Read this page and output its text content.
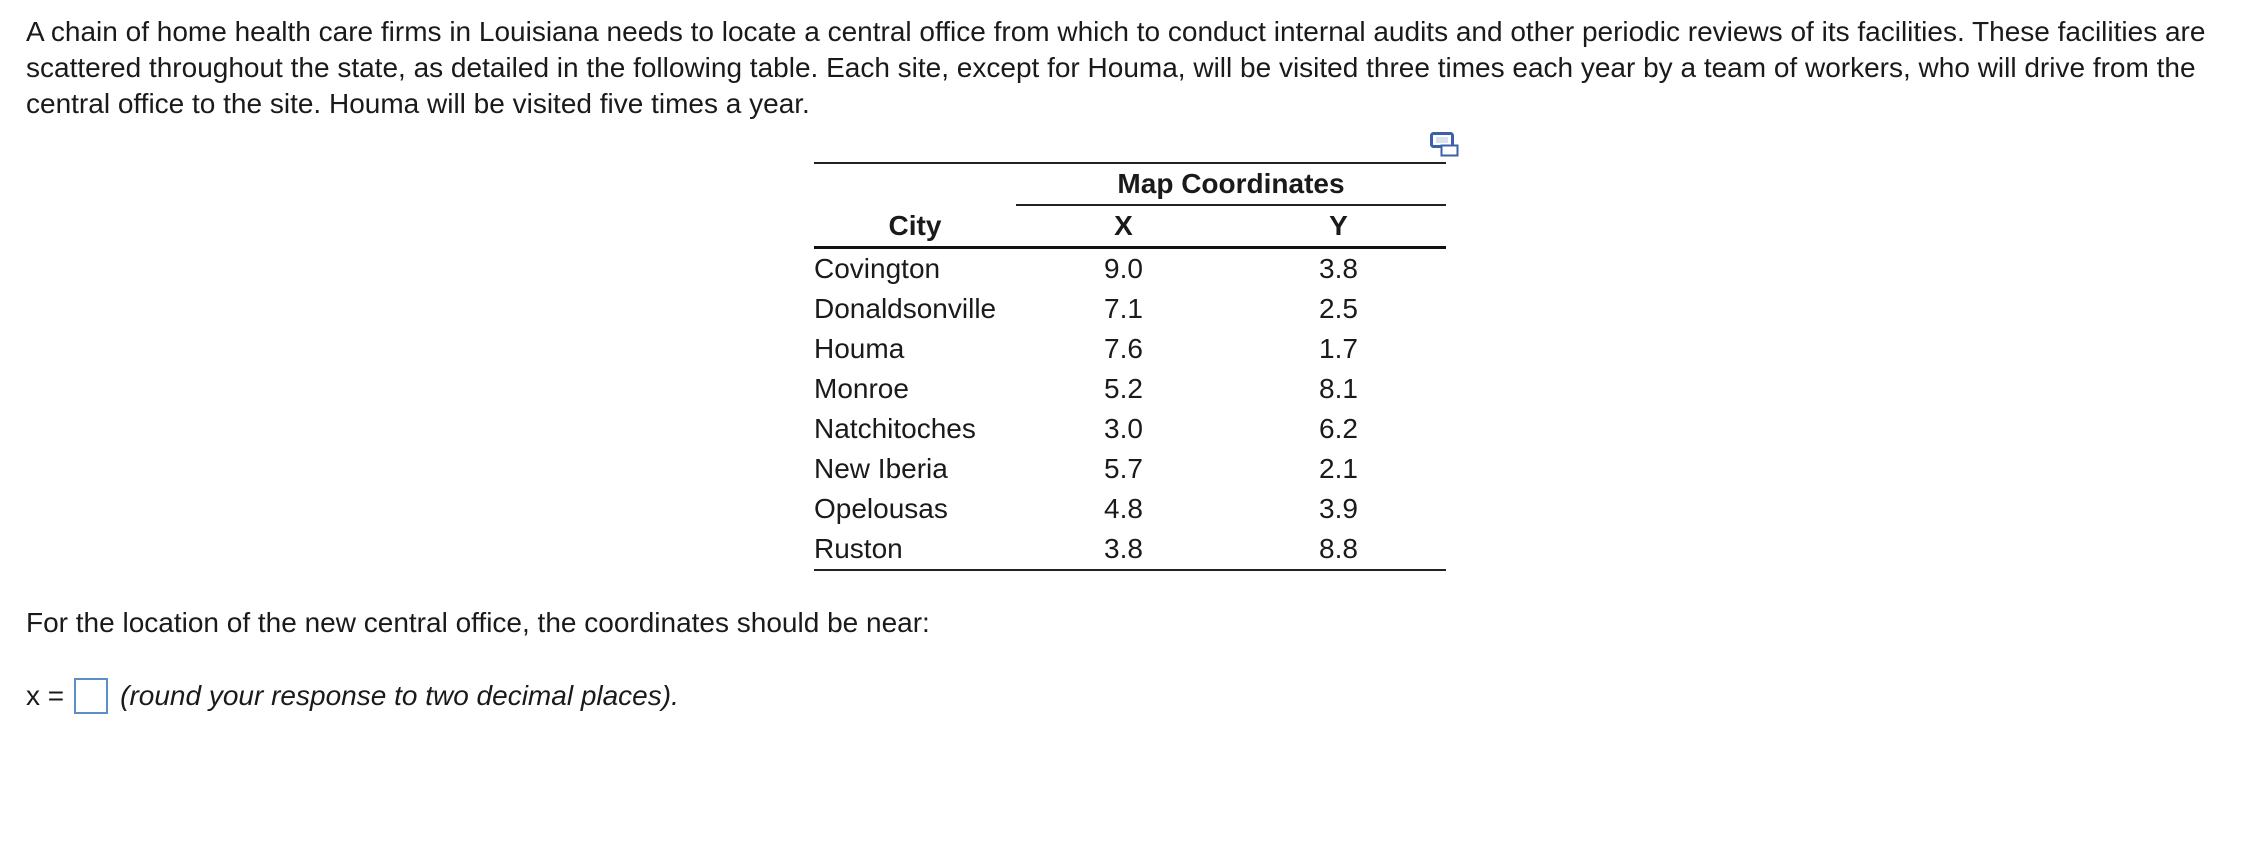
A chain of home health care firms in Louisiana needs to locate a central office from which to conduct internal audits and other periodic reviews of its facilities. These facilities are scattered throughout the state, as detailed in the following table. Each site, except for Houma, will be visited three times each year by a team of workers, who will drive from the central office to the site. Houma will be visited five times a year.

	Map Coordinates	
City	X	Y
Covington	9.0	3.8
Donaldsonville	7.1	2.5
Houma	7.6	1.7
Monroe	5.2	8.1
Natchitoches	3.0	6.2
New Iberia	5.7	2.1
Opelousas	4.8	3.9
Ruston	3.8	8.8

For the location of the new central office, the coordinates should be near:

x = (round your response to two decimal places).
